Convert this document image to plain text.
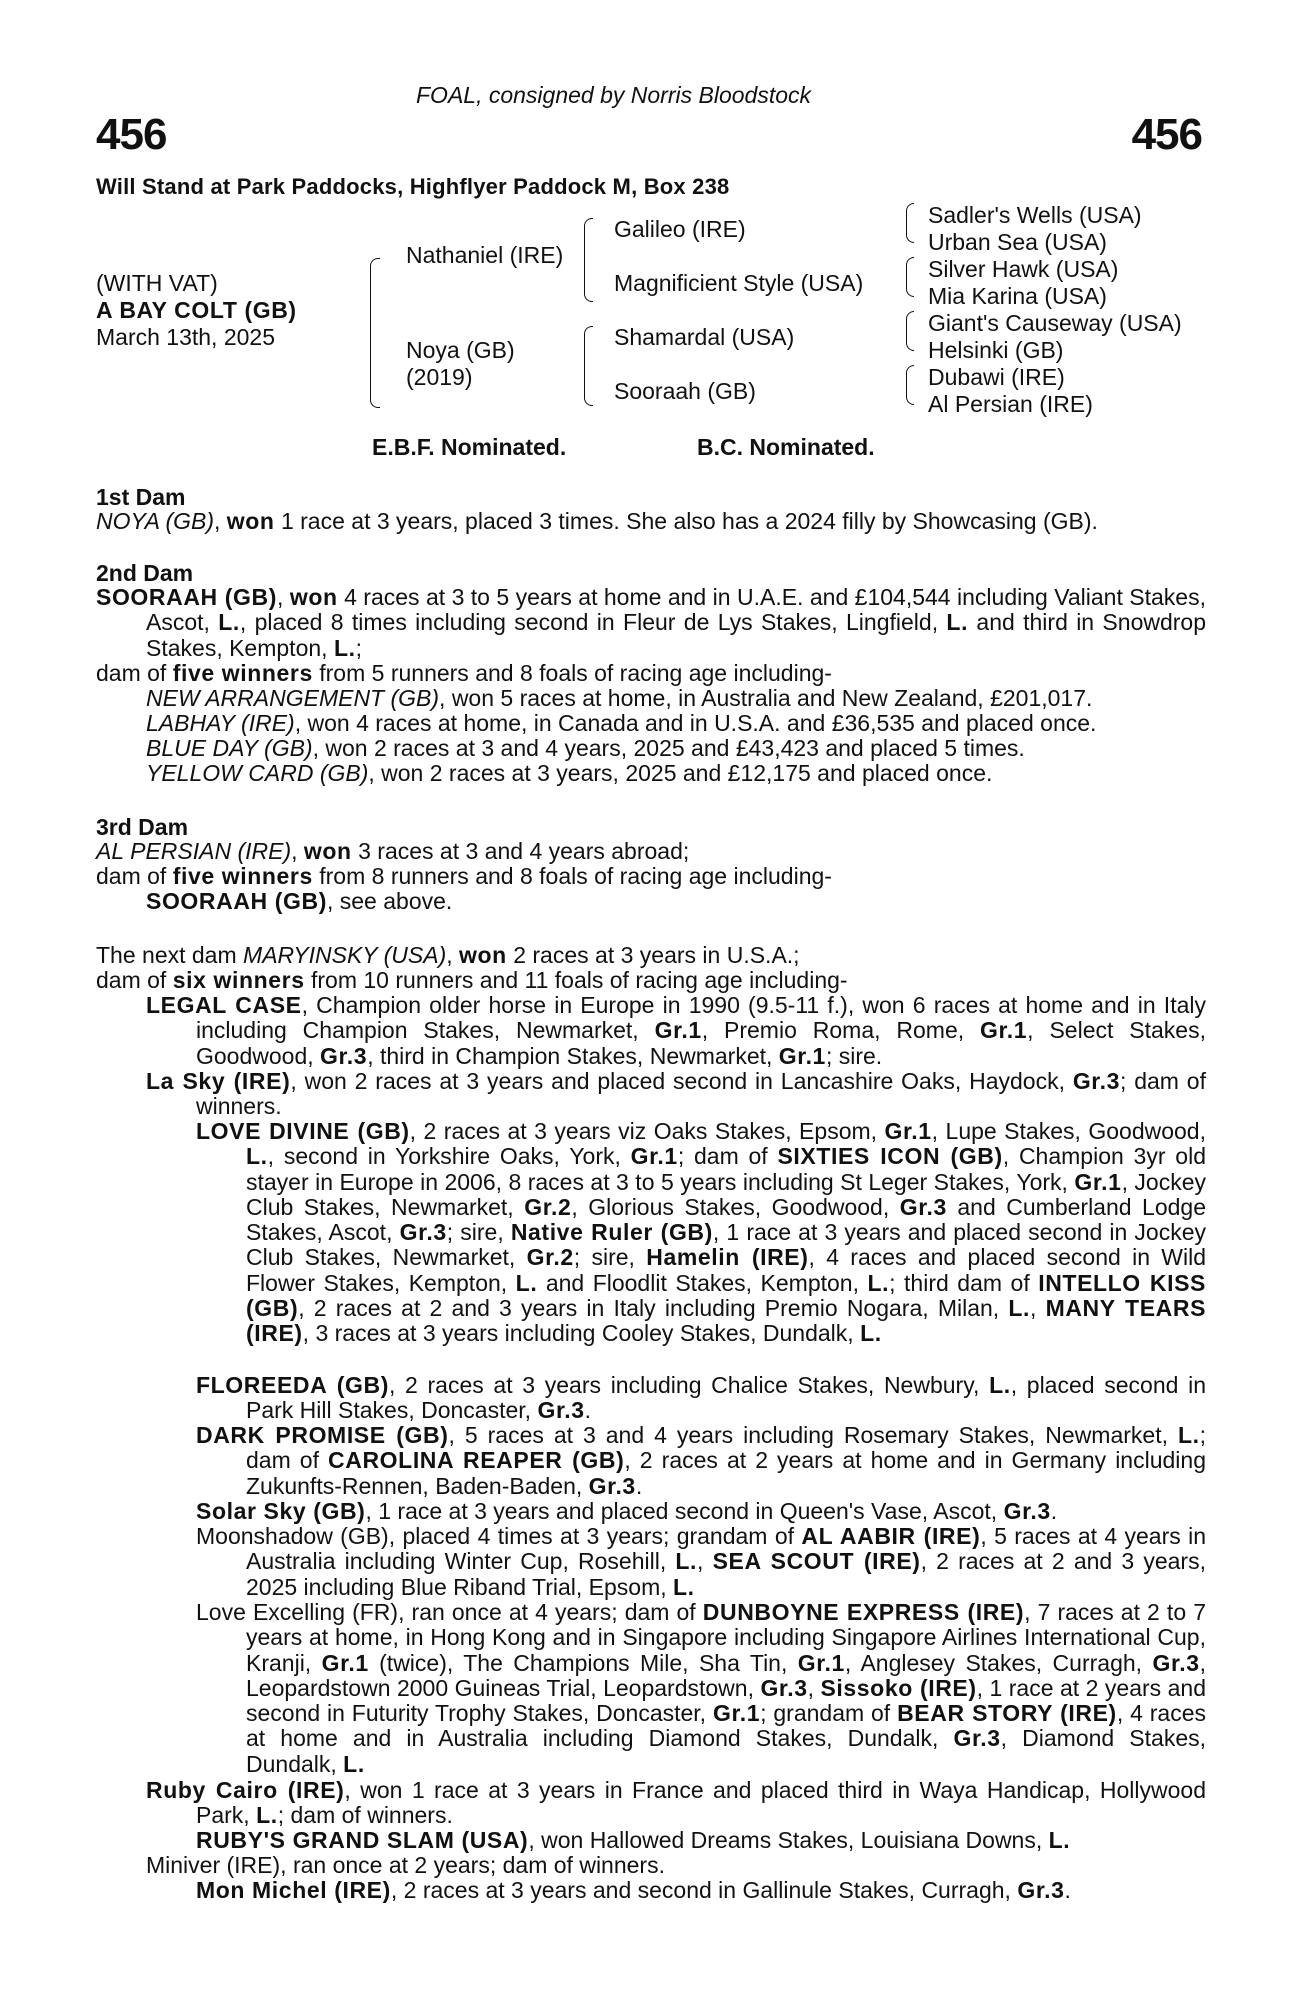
FOAL, consigned by Norris Bloodstock
456	456
Will Stand at Park Paddocks, Highflyer Paddock M, Box 238
(WITH VAT)
A BAY COLT (GB)
March 13th, 2025
Nathaniel (IRE)
Noya (GB)
(2019)
Galileo (IRE)
Magnificient Style (USA)
Shamardal (USA)
Sooraah (GB)
Sadler's Wells (USA)
Urban Sea (USA)
Silver Hawk (USA)
Mia Karina (USA)
Giant's Causeway (USA)
Helsinki (GB)
Dubawi (IRE)
Al Persian (IRE)
E.B.F. Nominated.	B.C. Nominated.
1st Dam
NOYA (GB), won 1 race at 3 years, placed 3 times. She also has a 2024 filly by Showcasing (GB).
2nd Dam
SOORAAH (GB), won 4 races at 3 to 5 years at home and in U.A.E. and £104,544 including Valiant Stakes, Ascot, L., placed 8 times including second in Fleur de Lys Stakes, Lingfield, L. and third in Snowdrop Stakes, Kempton, L.;
dam of five winners from 5 runners and 8 foals of racing age including-
NEW ARRANGEMENT (GB), won 5 races at home, in Australia and New Zealand, £201,017.
LABHAY (IRE), won 4 races at home, in Canada and in U.S.A. and £36,535 and placed once.
BLUE DAY (GB), won 2 races at 3 and 4 years, 2025 and £43,423 and placed 5 times.
YELLOW CARD (GB), won 2 races at 3 years, 2025 and £12,175 and placed once.
3rd Dam
AL PERSIAN (IRE), won 3 races at 3 and 4 years abroad;
dam of five winners from 8 runners and 8 foals of racing age including-
SOORAAH (GB), see above.
The next dam MARYINSKY (USA), won 2 races at 3 years in U.S.A.;
dam of six winners from 10 runners and 11 foals of racing age including-
LEGAL CASE, Champion older horse in Europe in 1990 (9.5-11 f.), won 6 races at home and in Italy including Champion Stakes, Newmarket, Gr.1, Premio Roma, Rome, Gr.1, Select Stakes, Goodwood, Gr.3, third in Champion Stakes, Newmarket, Gr.1; sire.
La Sky (IRE), won 2 races at 3 years and placed second in Lancashire Oaks, Haydock, Gr.3; dam of winners.
LOVE DIVINE (GB), 2 races at 3 years viz Oaks Stakes, Epsom, Gr.1, Lupe Stakes, Goodwood, L., second in Yorkshire Oaks, York, Gr.1; dam of SIXTIES ICON (GB), Champion 3yr old stayer in Europe in 2006, 8 races at 3 to 5 years including St Leger Stakes, York, Gr.1, Jockey Club Stakes, Newmarket, Gr.2, Glorious Stakes, Goodwood, Gr.3 and Cumberland Lodge Stakes, Ascot, Gr.3; sire, Native Ruler (GB), 1 race at 3 years and placed second in Jockey Club Stakes, Newmarket, Gr.2; sire, Hamelin (IRE), 4 races and placed second in Wild Flower Stakes, Kempton, L. and Floodlit Stakes, Kempton, L.; third dam of INTELLO KISS (GB), 2 races at 2 and 3 years in Italy including Premio Nogara, Milan, L., MANY TEARS (IRE), 3 races at 3 years including Cooley Stakes, Dundalk, L.
FLOREEDA (GB), 2 races at 3 years including Chalice Stakes, Newbury, L., placed second in Park Hill Stakes, Doncaster, Gr.3.
DARK PROMISE (GB), 5 races at 3 and 4 years including Rosemary Stakes, Newmarket, L.; dam of CAROLINA REAPER (GB), 2 races at 2 years at home and in Germany including Zukunfts-Rennen, Baden-Baden, Gr.3.
Solar Sky (GB), 1 race at 3 years and placed second in Queen's Vase, Ascot, Gr.3.
Moonshadow (GB), placed 4 times at 3 years; grandam of AL AABIR (IRE), 5 races at 4 years in Australia including Winter Cup, Rosehill, L., SEA SCOUT (IRE), 2 races at 2 and 3 years, 2025 including Blue Riband Trial, Epsom, L.
Love Excelling (FR), ran once at 4 years; dam of DUNBOYNE EXPRESS (IRE), 7 races at 2 to 7 years at home, in Hong Kong and in Singapore including Singapore Airlines International Cup, Kranji, Gr.1 (twice), The Champions Mile, Sha Tin, Gr.1, Anglesey Stakes, Curragh, Gr.3, Leopardstown 2000 Guineas Trial, Leopardstown, Gr.3, Sissoko (IRE), 1 race at 2 years and second in Futurity Trophy Stakes, Doncaster, Gr.1; grandam of BEAR STORY (IRE), 4 races at home and in Australia including Diamond Stakes, Dundalk, Gr.3, Diamond Stakes, Dundalk, L.
Ruby Cairo (IRE), won 1 race at 3 years in France and placed third in Waya Handicap, Hollywood Park, L.; dam of winners.
RUBY'S GRAND SLAM (USA), won Hallowed Dreams Stakes, Louisiana Downs, L.
Miniver (IRE), ran once at 2 years; dam of winners.
Mon Michel (IRE), 2 races at 3 years and second in Gallinule Stakes, Curragh, Gr.3.
